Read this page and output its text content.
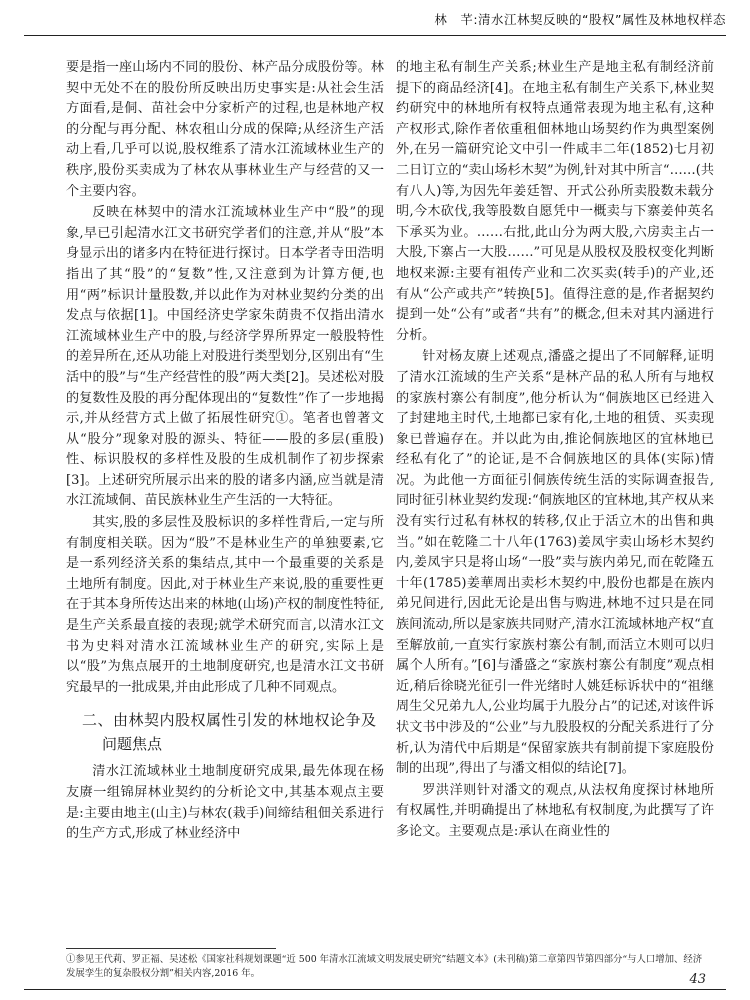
林　芊:清水江林契反映的“股权”属性及林地权样态

要是指一座山场内不同的股份、林产品分成股份等。林契中无处不在的股份所反映出历史事实是:从社会生活方面看,是侗、苗社会中分家析产的过程,也是林地产权的分配与再分配、林农租山分成的保障;从经济生产活动上看,几乎可以说,股权维系了清水江流域林业生产的秩序,股份买卖成为了林农从事林业生产与经营的又一个主要内容。

反映在林契中的清水江流域林业生产中“股”的现象,早已引起清水江文书研究学者们的注意,并从“股”本身显示出的诸多内在特征进行探讨。日本学者寺田浩明指出了其“股”的“复数”性,又注意到为计算方便,也用“两”标识计量股数,并以此作为对林业契约分类的出发点与依据[1]。中国经济史学家朱荫贵不仅指出清水江流域林业生产中的股,与经济学界所界定一般股特性的差异所在,还从功能上对股进行类型划分,区别出有“生活中的股”与“生产经营性的股”两大类[2]。吴述松对股的复数性及股的再分配体现出的“复数性”作了一步地揭示,并从经营方式上做了拓展性研究①。笔者也曾著文从“股分”现象对股的源头、特征——股的多层(重股)性、标识股权的多样性及股的生成机制作了初步探索[3]。上述研究所展示出来的股的诸多内涵,应当就是清水江流域侗、苗民族林业生产生活的一大特征。

其实,股的多层性及股标识的多样性背后,一定与所有制度相关联。因为“股”不是林业生产的单独要素,它是一系列经济关系的集结点,其中一个最重要的关系是土地所有制度。因此,对于林业生产来说,股的重要性更在于其本身所传达出来的林地(山场)产权的制度性特征,是生产关系最直接的表现;就学术研究而言,以清水江文书为史料对清水江流域林业生产的研究,实际上是以“股”为焦点展开的土地制度研究,也是清水江文书研究最早的一批成果,并由此形成了几种不同观点。

二、由林契内股权属性引发的林地权论争及问题焦点

清水江流域林业土地制度研究成果,最先体现在杨友赓一组锦屏林业契约的分析论文中,其基本观点主要是:主要由地主(山主)与林农(栽手)间缔结租佃关系进行的生产方式,形成了林业经济中

的地主私有制生产关系;林业生产是地主私有制经济前提下的商品经济[4]。在地主私有制生产关系下,林业契约研究中的林地所有权特点通常表现为地主私有,这种产权形式,除作者依重租佃林地山场契约作为典型案例外,在另一篇研究论文中引一件咸丰二年(1852)七月初二日订立的“卖山场杉木契”为例,针对其中所言“……(共有八人)等,为因先年姜廷智、开式公孙所卖股数未载分明,今木砍伐,我等股数自愿凭中一概卖与下寨姜仲英名下承买为业。……右批,此山分为两大股,六房卖主占一大股,下寨占一大股……”可见是从股权及股权变化判断地权来源:主要有祖传产业和二次买卖(转手)的产业,还有从“公产或共产”转换[5]。值得注意的是,作者据契约提到一处“公有”或者“共有”的概念,但未对其内涵进行分析。

针对杨友赓上述观点,潘盛之提出了不同解释,证明了清水江流域的生产关系“是林产品的私人所有与地权的家族村寨公有制度”,他分析认为“侗族地区已经进入了封建地主时代,土地都已家有化,土地的租赁、买卖现象已普遍存在。并以此为由,推论侗族地区的宜林地已经私有化了”的论证,是不合侗族地区的具体(实际)情况。为此他一方面征引侗族传统生活的实际调查报告,同时征引林业契约发现:“侗族地区的宜林地,其产权从来没有实行过私有林权的转移,仅止于活立木的出售和典当。”如在乾隆二十八年(1763)姜凤宇卖山场杉木契约内,姜凤宇只是将山场“一股”卖与族内弟兄,而在乾隆五十年(1785)姜華周出卖杉木契约中,股份也都是在族内弟兄间进行,因此无论是出售与购进,林地不过只是在同族间流动,所以是家族共同财产,清水江流域林地产权“直至解放前,一直实行家族村寨公有制,而活立木则可以归属个人所有。”[6]与潘盛之“家族村寨公有制度”观点相近,稍后徐晓光征引一件光绪时人姚廷标诉状中的“祖继周生父兄弟九人,公业均属于九股分占”的记述,对该件诉状文书中涉及的“公业”与九股股权的分配关系进行了分析,认为清代中后期是“保留家族共有制前提下家庭股份制的出现”,得出了与潘文相似的结论[7]。

罗洪洋则针对潘文的观点,从法权角度探讨林地所有权属性,并明确提出了林地私有权制度,为此撰写了许多论文。主要观点是:承认在商业性的

①参见王代莉、罗正福、吴述松《国家社科规划课题“近 500 年清水江流域文明发展史研究”结题文本》(未刊稿)第二章第四节第四部分“与人口增加、经济发展孪生的复杂股权分割”相关内容,2016 年。	43
